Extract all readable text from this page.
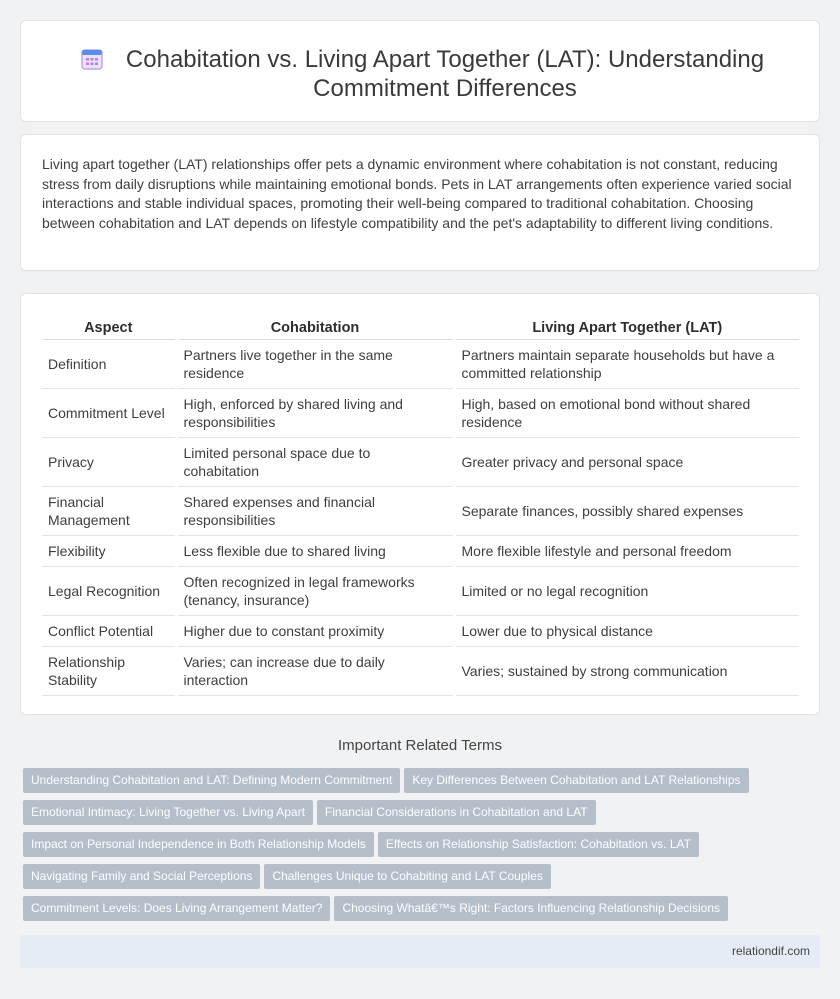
Cohabitation vs. Living Apart Together (LAT): Understanding Commitment Differences

Living apart together (LAT) relationships offer pets a dynamic environment where cohabitation is not constant, reducing stress from daily disruptions while maintaining emotional bonds. Pets in LAT arrangements often experience varied social interactions and stable individual spaces, promoting their well-being compared to traditional cohabitation. Choosing between cohabitation and LAT depends on lifestyle compatibility and the pet's adaptability to different living conditions.

Aspect	Cohabitation	Living Apart Together (LAT)
Definition	Partners live together in the same residence	Partners maintain separate households but have a committed relationship
Commitment Level	High, enforced by shared living and responsibilities	High, based on emotional bond without shared residence
Privacy	Limited personal space due to cohabitation	Greater privacy and personal space
Financial Management	Shared expenses and financial responsibilities	Separate finances, possibly shared expenses
Flexibility	Less flexible due to shared living	More flexible lifestyle and personal freedom
Legal Recognition	Often recognized in legal frameworks (tenancy, insurance)	Limited or no legal recognition
Conflict Potential	Higher due to constant proximity	Lower due to physical distance
Relationship Stability	Varies; can increase due to daily interaction	Varies; sustained by strong communication
Important Related Terms
Understanding Cohabitation and LAT: Defining Modern Commitment Key Differences Between Cohabitation and LAT Relationships
Emotional Intimacy: Living Together vs. Living Apart Financial Considerations in Cohabitation and LAT
Impact on Personal Independence in Both Relationship Models Effects on Relationship Satisfaction: Cohabitation vs. LAT
Navigating Family and Social Perceptions Challenges Unique to Cohabiting and LAT Couples
Commitment Levels: Does Living Arrangement Matter? Choosing Whatâ€™s Right: Factors Influencing Relationship Decisions
relationdif.com
